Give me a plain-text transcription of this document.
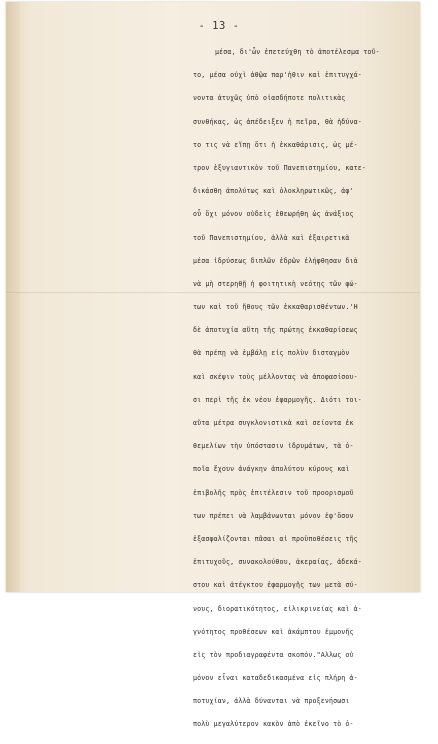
- 13 -
μέσα, δι'ὧν ἐπετεύχθη τὸ ἀποτέλεσμα τοῦ-
το, μέσα οὐχὶ ἀθῷα παρ'ἠθιν καὶ ἐπιτυγχά-
νοντα ἀτυχῶς ὑπὸ οἱασδήποτε πολιτικὰς
συνθήκας, ὡς ἀπέδειξεν ἡ πεῖρα, θὰ ἠδύνα-
το τις νὰ εἴπῃ ὅτι ἡ ἐκκαθάρισις, ὡς μέ-
τρον ἐξυγιαντικὸν τοῦ Πανεπιστημίου, κατε-
δικάσθη ἀπολύτως καὶ ὁλοκληρωτικῶς, ἀφ'
οὗ ὄχι μόνον οὐδεὶς ἐθεωρήθη ὡς ἀνάξιος
τοῦ Πανεπιστημίου, ἀλλὰ καὶ ἐξαιρετικὰ
μέσα ἱδρύσεως διπλῶν ἑδρῶν ἐλήφθησαν διὰ
νὰ μὴ στερηθῇ ἡ φοιτητικὴ νεότης τῶν φώ-
των καὶ τοῦ ἤθους τῶν ἐκκαθαρισθέντων.'Η
δὲ ἀποτυχία αὕτη τῆς πρώτης ἐκκαθαρίσεως
θὰ πρέπῃ νὰ ἐμβάλῃ εἰς πολὺν δισταγμὸν
καὶ σκέψιν τοὺς μέλλοντας νὰ ἀποφασίσου-
σι περὶ τῆς ἐκ νέου ἐφαρμογῆς. Διότι τοι-
αῦτα μέτρα συγκλονιστικὰ καὶ σείοντα ἐκ
θεμελίων τὴν ὑπόστασιν ἱδρυμάτων, τὰ ὁ-
ποῖα ἔχουν ἀνάγκην ἀπολύτου κύρους καὶ
ἐπιβολῆς πρὸς ἐπιτέλεσιν τοῦ προορισμοῦ
των πρέπει νὰ λαμβάνωνται μόνον ἐφ'ὅσον
ἐξασφαλίζονται πᾶσαι αἱ προϋποθέσεις τῆς
ἐπιτυχοῦς, συνακολούθου, ἀκεραίας, ἀδεκά-
στου καὶ ἀτέγκτου ἐφαρμογῆς των μετὰ σύ-
νους, διορατικότητος, εἰλικρινείας καὶ ἀ-
γνότητος προθέσεων καὶ ἀκάμπτου ἐμμονῆς
εἰς τὸν προδιαγραφέντα σκοπόν."Αλλως οὐ
μόνον εἶναι καταδεδικασμένα εἰς πλήρη ἀ-
ποτυχίαν, ἀλλὰ δύνανται νὰ προξενήσωσι
πολὺ μεγαλύτερον κακὸν ἀπὸ ἐκεῖνο τὸ ὁ-
